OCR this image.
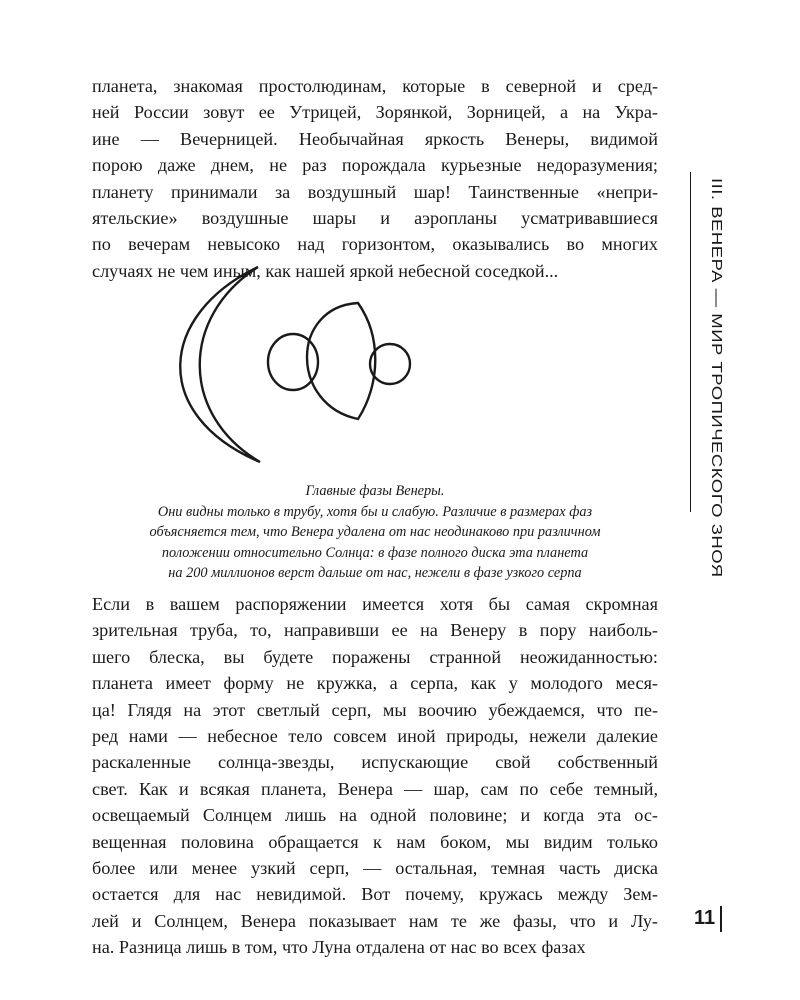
планета, знакомая простолюдинам, которые в северной и сред-
ней России зовут ее Утрицей, Зорянкой, Зорницей, а на Укра-
ине — Вечерницей. Необычайная яркость Венеры, видимой
порою даже днем, не раз порождала курьезные недоразумения;
планету принимали за воздушный шар! Таинственные «непри-
ятельские» воздушные шары и аэропланы усматривавшиеся
по вечерам невысоко над горизонтом, оказывались во многих
случаях не чем иным, как нашей яркой небесной соседкой...
Главные фазы Венеры.
Они видны только в трубу, хотя бы и слабую. Различие в размерах фаз
объясняется тем, что Венера удалена от нас неодинаково при различном
положении относительно Солнца: в фазе полного диска эта планета
на 200 миллионов верст дальше от нас, нежели в фазе узкого серпа
Если в вашем распоряжении имеется хотя бы самая скромная
зрительная труба, то, направивши ее на Венеру в пору наиболь-
шего блеска, вы будете поражены странной неожиданностью:
планета имеет форму не кружка, а серпа, как у молодого меся-
ца! Глядя на этот светлый серп, мы воочию убеждаемся, что пе-
ред нами — небесное тело совсем иной природы, нежели далекие
раскаленные солнца-звезды, испускающие свой собственный
свет. Как и всякая планета, Венера — шар, сам по себе темный,
освещаемый Солнцем лишь на одной половине; и когда эта ос-
вещенная половина обращается к нам боком, мы видим только
более или менее узкий серп, — остальная, темная часть диска
остается для нас невидимой. Вот почему, кружась между Зем-
лей и Солнцем, Венера показывает нам те же фазы, что и Лу-
на. Разница лишь в том, что Луна отдалена от нас во всех фазах
III. ВЕНЕРА — МИР ТРОПИЧЕСКОГО ЗНОЯ
11
